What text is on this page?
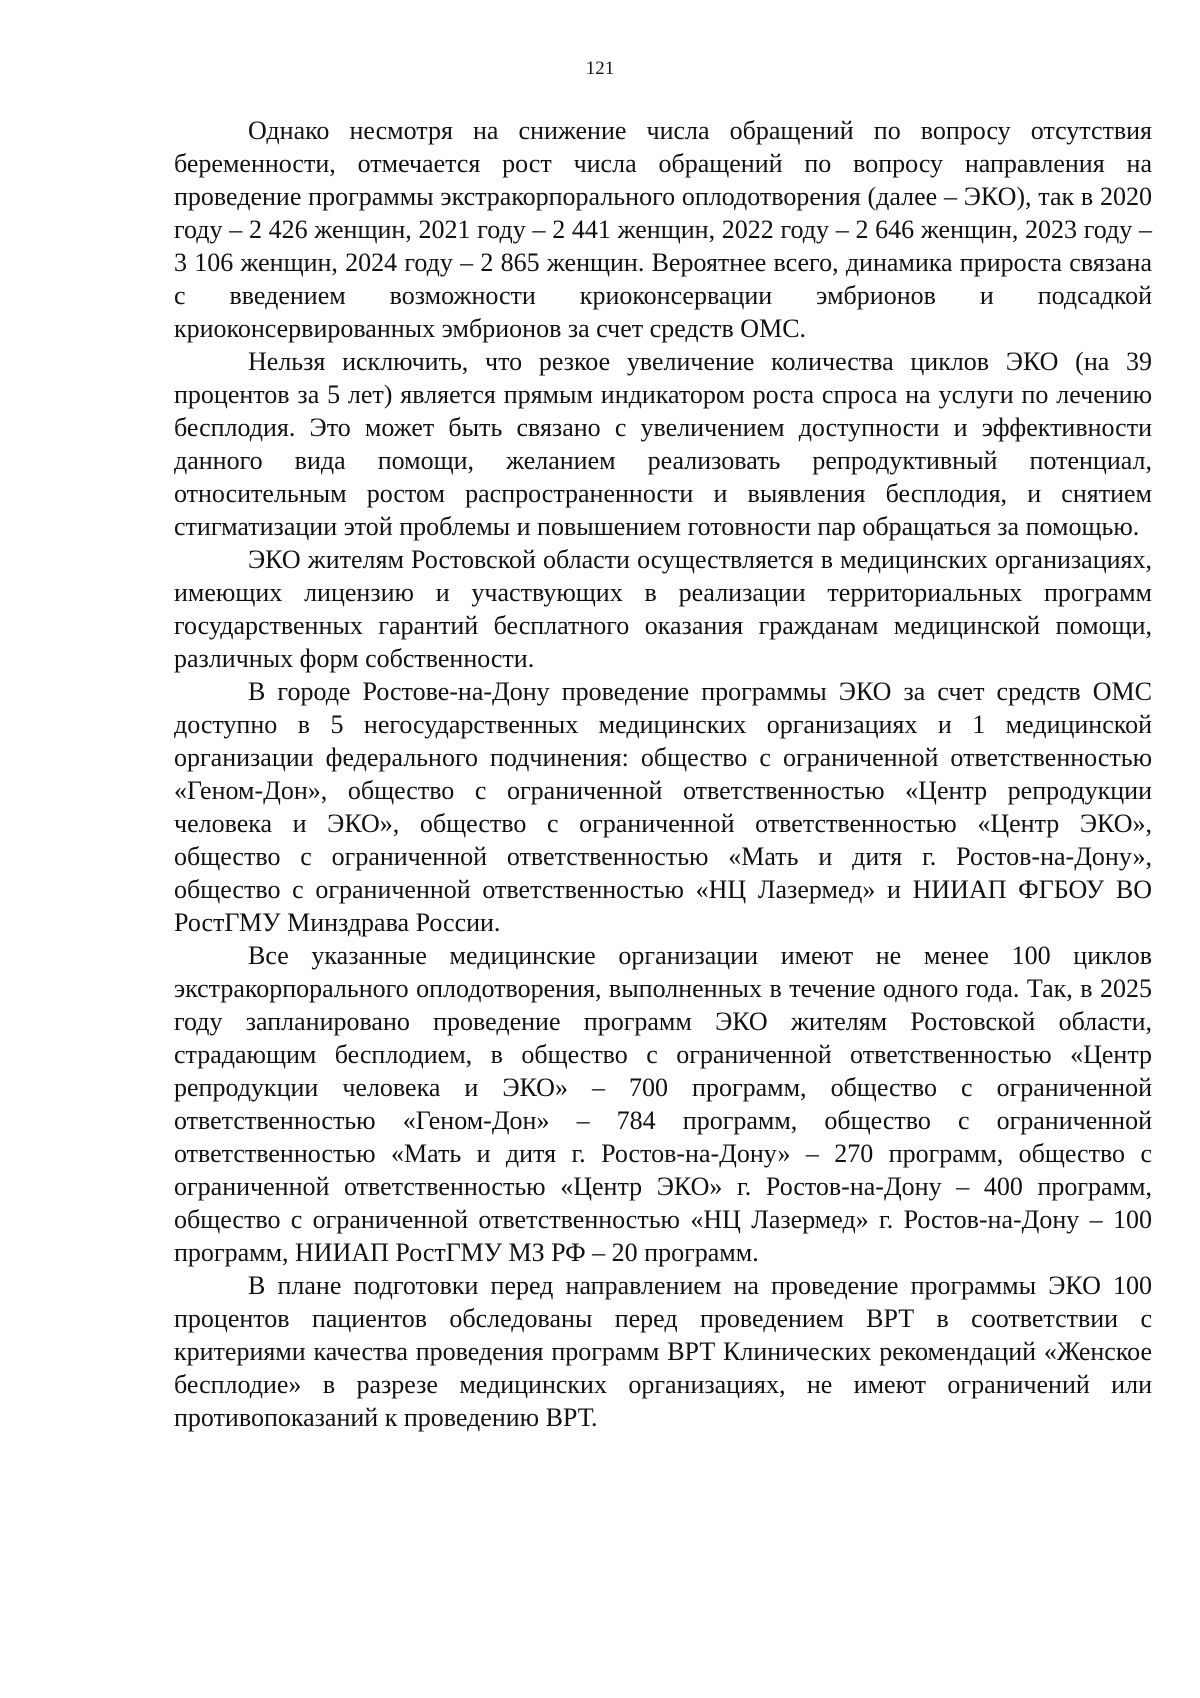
121

Однако несмотря на снижение числа обращений по вопросу отсутствия беременности, отмечается рост числа обращений по вопросу направления на проведение программы экстракорпорального оплодотворения (далее – ЭКО), так в 2020 году – 2 426 женщин, 2021 году – 2 441 женщин, 2022 году – 2 646 женщин, 2023 году – 3 106 женщин, 2024 году – 2 865 женщин. Вероятнее всего, динамика прироста связана с введением возможности криоконсервации эмбрионов и подсадкой криоконсервированных эмбрионов за счет средств ОМС.

Нельзя исключить, что резкое увеличение количества циклов ЭКО (на 39 процентов за 5 лет) является прямым индикатором роста спроса на услуги по лечению бесплодия. Это может быть связано с увеличением доступности и эффективности данного вида помощи, желанием реализовать репродуктивный потенциал, относительным ростом распространенности и выявления бесплодия, и снятием стигматизации этой проблемы и повышением готовности пар обращаться за помощью.

ЭКО жителям Ростовской области осуществляется в медицинских организациях, имеющих лицензию и участвующих в реализации территориальных программ государственных гарантий бесплатного оказания гражданам медицинской помощи, различных форм собственности.

В городе Ростове-на-Дону проведение программы ЭКО за счет средств ОМС доступно в 5 негосударственных медицинских организациях и 1 медицинской организации федерального подчинения: общество с ограниченной ответственностью «Геном-Дон», общество с ограниченной ответственностью «Центр репродукции человека и ЭКО», общество с ограниченной ответственностью «Центр ЭКО», общество с ограниченной ответственностью «Мать и дитя г. Ростов-на-Дону», общество с ограниченной ответственностью «НЦ Лазермед» и НИИАП ФГБОУ ВО РостГМУ Минздрава России.

Все указанные медицинские организации имеют не менее 100 циклов экстракорпорального оплодотворения, выполненных в течение одного года. Так, в 2025 году запланировано проведение программ ЭКО жителям Ростовской области, страдающим бесплодием, в общество с ограниченной ответственностью «Центр репродукции человека и ЭКО» – 700 программ, общество с ограниченной ответственностью «Геном-Дон» – 784 программ, общество с ограниченной ответственностью «Мать и дитя г. Ростов-на-Дону» – 270 программ, общество с ограниченной ответственностью «Центр ЭКО» г. Ростов-на-Дону – 400 программ, общество с ограниченной ответственностью «НЦ Лазермед» г. Ростов-на-Дону – 100 программ, НИИАП РостГМУ МЗ РФ – 20 программ.

В плане подготовки перед направлением на проведение программы ЭКО 100 процентов пациентов обследованы перед проведением ВРТ в соответствии с критериями качества проведения программ ВРТ Клинических рекомендаций «Женское бесплодие» в разрезе медицинских организациях, не имеют ограничений или противопоказаний к проведению ВРТ.
